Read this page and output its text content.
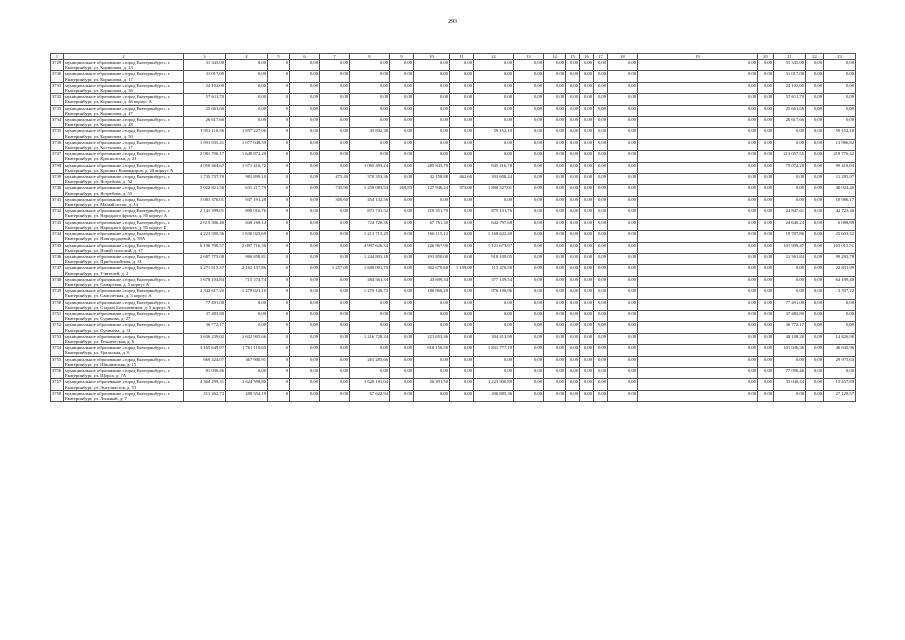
293
1	2	3	4	5	6	7	8	9	10	11	12	13	14	15	16	17	18	19	20	21	22	23
3729	муниципальное образование «город Екатеринбург», г. Екатеринбург, ул. Корнилова, д. 13	31 345,00	0,00	0	0,00	0,00	0,00	0,00	0,00	0,00	0,00	0,00	0,00	0,00	0,00	0,00	0,00	0,00	0,00	31 345,00	0,00	0,00
3730	муниципальное образование «город Екатеринбург», г. Екатеринбург, ул. Корнилова, д. 17	31 017,00	0,00	0	0,00	0,00	0,00	0,00	0,00	0,00	0,00	0,00	0,00	0,00	0,00	0,00	0,00	0,00	0,00	31 017,00	0,00	0,00
3731	муниципальное образование «город Екатеринбург», г. Екатеринбург, ул. Корнилова, д. 36	24 102,00	0,00	0	0,00	0,00	0,00	0,00	0,00	0,00	0,00	0,00	0,00	0,00	0,00	0,00	0,00	0,00	0,00	24 102,00	0,00	0,00
3732	муниципальное образование «город Екатеринбург», г. Екатеринбург, ул. Корнилова, д. 46 корпус А	57 611,70	0,00	0	0,00	0,00	0,00	0,00	0,00	0,00	0,00	0,00	0,00	0,00	0,00	0,00	0,00	0,00	0,00	57 611,70	0,00	0,00
3733	муниципальное образование «город Екатеринбург», г. Екатеринбург, ул. Корнилова, д. 47	25 661,66	0,00	0	0,00	0,00	0,00	0,00	0,00	0,00	0,00	0,00	0,00	0,00	0,00	0,00	0,00	0,00	0,00	25 661,66	0,00	0,00
3734	муниципальное образование «город Екатеринбург», г. Екатеринбург, ул. Корнилова, д. 48	26 617,66	0,00	0	0,00	0,00	0,00	0,00	0,00	0,00	0,00	0,00	0,00	0,00	0,00	0,00	0,00	0,00	0,00	26 617,66	0,00	0,00
3735	муниципальное образование «город Екатеринбург», г. Екатеринбург, ул. Корнилова, д. 50	1 952 116,36	1 857 227,06	0	0,00	0,00	35 842,38	0,00	0,00	0,00	59 152,10	0,00	0,00	0,00	0,00	0,00	0,00	0,00	0,00	0,00	0,00	59 152,10
3736	муниципальное образование «город Екатеринбург», г. Екатеринбург, ул. Костычева, д. 17	1 091 035,41	1 077 048,59	0	0,00	0,00	0,00	0,00	0,00	0,00	0,00	0,00	0,00	0,00	0,00	0,00	0,00	0,00	0,00	0,00	0,00	13 986,82
3737	муниципальное образование «город Екатеринбург», г. Екатеринбург, ул. Краснолесья, д. 21	2 081 706,17	1 648 872,20	0	0,00	0,00	0,00	0,00	0,00	0,00	0,00	0,00	0,00	0,00	0,00	0,00	0,00	0,00	0,00	213 057,55	0,00	219 776,42
3738	муниципальное образование «город Екатеринбург», г. Екатеринбург, ул. Красных Командиров, д. 20 корпус А	4 050 464,67	1 571 418,72	0	0,00	0,00	1 065 493,24	0,00	285 845,70	0,00	945 216,78	0,00	0,00	0,00	0,00	0,00	0,00	0,00	0,00	79 072,20	0,00	99 418,03
3739	муниципальное образование «город Екатеринбург», г. Екатеринбург, ул. Ястребова, д. 52	1 735 737,70	981 899,10	0	0,00	475,40	370 353,36	0,00	42 158,88	462,60	393 608,24	0,00	0,00	0,00	0,00	0,00	0,00	0,00	0,00	0,00	0,00	11 285,97
3740	муниципальное образование «город Екатеринбург», г. Екатеринбург, ул. Ястребова, д. 55	5 022 821,56	631 217,79	0	0,00	745,90	1 259 083,54	269,83	127 946,24	375,00	1 890 527,01	0,00	0,00	0,00	0,00	0,00	0,00	0,00	0,00	0,00	0,00	40 924,46
3741	муниципальное образование «город Екатеринбург», г. Екатеринбург, ул. Малый исток, д. 14	1 081 370,01	937 191,28	0	0,00	300,60	454 132,56	0,00	0,00	0,00	0,00	0,00	0,00	0,00	0,00	0,00	0,00	0,00	0,00	0,00	0,00	10 986,17
3742	муниципальное образование «город Екатеринбург», г. Екатеринбург, ул. Народного фронта, д. 85 корпус А	2 141 399,01	890 016,76	0	0,00	0,00	871 741,52	0,00	119 351,70	0,00	875 131,76	0,00	0,00	0,00	0,00	0,00	0,00	0,00	0,00	24 847,61	0,00	42 725,46
3743	муниципальное образование «город Екатеринбург», г. Екатеринбург, ул. Народного фронта, д. 85 корпус Б	2 615 306,40	849 168,14	0	0,00	0,00	724 726,36	0,00	67 761,30	0,00	642 797,68	0,00	0,00	0,00	0,00	0,00	0,00	0,00	0,00	24 640,24	0,00	6 088,88
3744	муниципальное образование «город Екатеринбург», г. Екатеринбург, ул. Новгородцевой, д. 39А	4 223 390,36	1 630 025,69	0	0,00	0,00	1 213 713,29	0,00	166 115,12	0,00	1 168 622,49	0,00	0,00	0,00	0,00	0,00	0,00	0,00	0,00	18 787,86	0,00	25 603,52
3745	муниципальное образование «город Екатеринбург», г. Екатеринбург, ул. Новой сельской, д. 17	6 196 700,57	2 097 716,36	0	0,00	0,00	4 997 626,34	0,00	226 967,90	0,00	1 121 673,97	0,00	0,00	0,00	0,00	0,00	0,00	0,00	0,00	101 999,47	0,00	103 015,91
3746	муниципальное образование «город Екатеринбург», г. Екатеринбург, ул. Прибалтийская, д. 31	2 687 775,08	860 858,81	0	0,00	0,00	1 244 803,18	0,00	191 850,00	0,00	918 109,05	0,00	0,00	0,00	0,00	0,00	0,00	0,00	0,00	21 361,84	0,00	99 292,78
3747	муниципальное образование «город Екатеринбург», г. Екатеринбург, ул. Учителей, д. 2	3 271 615,37	2 162 137,86	0	0,00	1 257,00	1 608 001,73	0,00	362 670,60	1 199,00	113 476,50	0,00	0,00	0,00	0,00	0,00	0,00	0,00	0,00	0,00	0,00	22 831,99
3748	муниципальное образование «город Екатеринбург», г. Екатеринбург, ул. Самарская, д. 5 корпус А	1 678 104,84	715 574,74	0	0,00	0,00	484 561,34	0,00	43 699,34	0,00	377 139,54	0,00	0,00	0,00	0,00	0,00	0,00	0,00	0,00	0,00	0,00	64 199,40
3749	муниципальное образование «город Екатеринбург», г. Екатеринбург, ул. Самолетная, д. 3 корпус А	2 342 617,20	1 279 021,10	0	0,00	0,00	1 270 146,72	0,00	180 866,20	0,00	976 106,96	0,00	0,00	0,00	0,00	0,00	0,00	0,00	0,00	0,00	0,00	3 597,22
3750	муниципальное образование «город Екатеринбург», г. Екатеринбург, ул. Старых Большевиков, д. 5 корпус А	77 491,08	0,00	0	0,00	0,00	0,00	0,00	0,00	0,00	0,00	0,00	0,00	0,00	0,00	0,00	0,00	0,00	0,00	77 491,08	0,00	0,00
3751	муниципальное образование «город Екатеринбург», г. Екатеринбург, ул. Сурикова, д. 27	37 483,80	0,00	0	0,00	0,00	0,00	0,00	0,00	0,00	0,00	0,00	0,00	0,00	0,00	0,00	0,00	0,00	0,00	37 483,80	0,00	0,00
3752	муниципальное образование «город Екатеринбург», г. Екатеринбург, ул. Сулимова, д. 31	36 772,17	0,00	0	0,00	0,00	0,00	0,00	0,00	0,00	0,00	0,00	0,00	0,00	0,00	0,00	0,00	0,00	0,00	36 772,17	0,00	0,00
3753	муниципальное образование «город Екатеринбург», г. Екатеринбург, ул. Техническая, д. 6	3 636 239,02	1 632 905,66	0	0,00	0,00	1 216 728,34	0,00	221 653,46	0,00	394 413,90	0,00	0,00	0,00	0,00	0,00	0,00	0,00	0,00	48 108,20	0,00	14 826,96
3754	муниципальное образование «город Екатеринбург», г. Екатеринбург, ул. Уральская, д. 6	3 165 649,97	1 761 110,65	0	0,00	0,00	0,00	0,00	618 156,50	0,00	1 831 777,10	0,00	0,00	0,00	0,00	0,00	0,00	0,00	0,00	101 046,36	0,00	46 645,96
3755	муниципальное образование «город Екатеринбург», г. Екатеринбург, ул. Шишимская, д. 15	669 324,07	367 900,91	0	0,00	0,00	261 285,66	0,00	0,00	0,00	0,00	0,00	0,00	0,00	0,00	0,00	0,00	0,00	0,00	0,00	0,00	29 975,63
3756	муниципальное образование «город Екатеринбург», г. Екатеринбург, ул. Щорса, д. 7А	81 036,46	0,00	0	0,00	0,00	0,00	0,00	0,00	0,00	0,00	0,00	0,00	0,00	0,00	0,00	0,00	0,00	0,00	77 096,46	0,00	0,00
3757	муниципальное образование «город Екатеринбург», г. Екатеринбург, ул. Энтузиастов, д. 51	4 364 299,31	1 624 598,80	0	0,00	0,00	1 620 181,04	0,00	56 391,50	0,00	1 223 900,89	0,00	0,00	0,00	0,00	0,00	0,00	0,00	0,00	33 040,44	0,00	15 457,89
3758	муниципальное образование «город Екатеринбург», г. Екатеринбург, ул. Лыжный, д. 7	511 262,73	289 354,19	0	0,00	0,00	67 622,94	0,00	0,00	0,00	206 885,36	0,00	0,00	0,00	0,00	0,00	0,00	0,00	0,00	0,00	0,00	27 129,57
